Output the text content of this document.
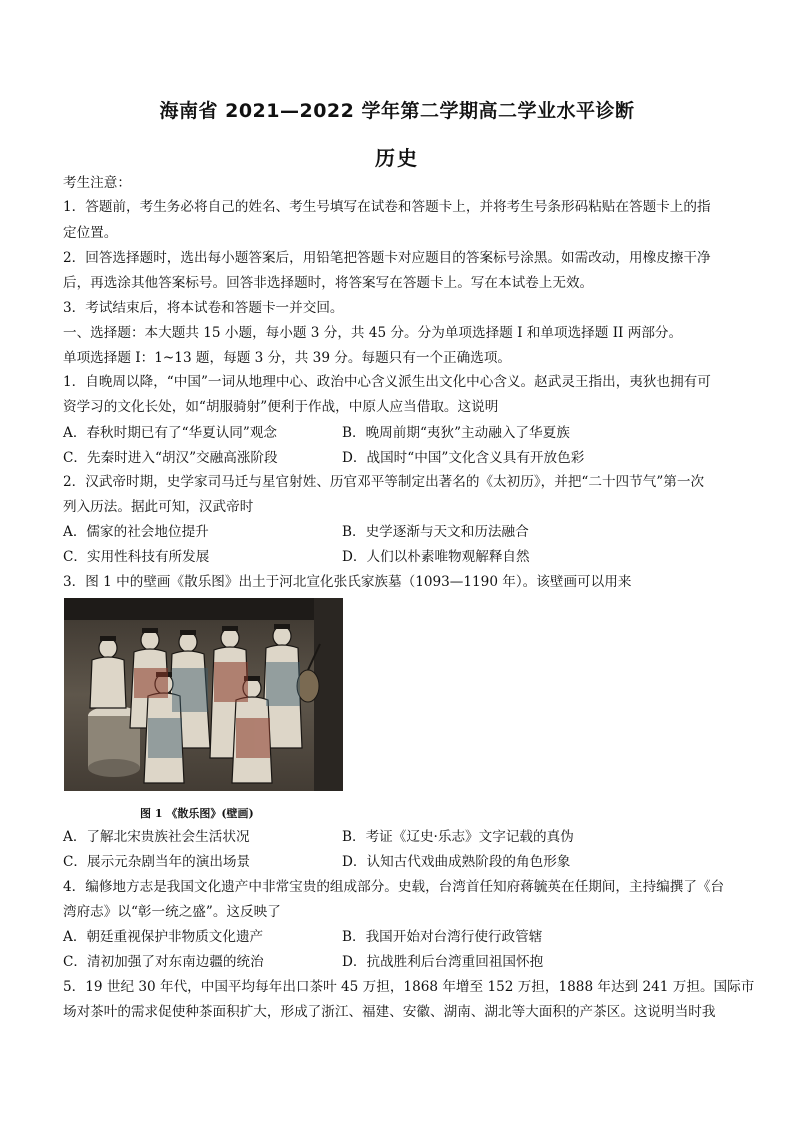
海南省 2021—2022 学年第二学期高二学业水平诊断
历史
考生注意：
1．答题前，考生务必将自己的姓名、考生号填写在试卷和答题卡上，并将考生号条形码粘贴在答题卡上的指
定位置。
2．回答选择题时，选出每小题答案后，用铅笔把答题卡对应题目的答案标号涂黑。如需改动，用橡皮擦干净
后，再选涂其他答案标号。回答非选择题时，将答案写在答题卡上。写在本试卷上无效。
3．考试结束后，将本试卷和答题卡一并交回。
一、选择题：本大题共 15 小题，每小题 3 分，共 45 分。分为单项选择题 I 和单项选择题 II 两部分。
单项选择题 I：1~13 题，每题 3 分，共 39 分。每题只有一个正确选项。
1．自晚周以降，“中国”一词从地理中心、政治中心含义派生出文化中心含义。赵武灵王指出，夷狄也拥有可
资学习的文化长处，如“胡服骑射”便利于作战，中原人应当借取。这说明
A．春秋时期已有了“华夏认同”观念	B．晚周前期“夷狄”主动融入了华夏族
C．先秦时进入“胡汉”交融高涨阶段	D．战国时“中国”文化含义具有开放色彩
2．汉武帝时期，史学家司马迁与星官射姓、历官邓平等制定出著名的《太初历》，并把“二十四节气”第一次
列入历法。据此可知，汉武帝时
A．儒家的社会地位提升	B．史学逐渐与天文和历法融合
C．实用性科技有所发展	D．人们以朴素唯物观解释自然
3．图 1 中的壁画《散乐图》出土于河北宣化张氏家族墓（1093—1190 年）。该壁画可以用来
图 1 《散乐图》(壁画)
A．了解北宋贵族社会生活状况	B．考证《辽史·乐志》文字记载的真伪
C．展示元杂剧当年的演出场景	D．认知古代戏曲成熟阶段的角色形象
4．编修地方志是我国文化遗产中非常宝贵的组成部分。史载，台湾首任知府蒋毓英在任期间，主持编撰了《台
湾府志》以“彰一统之盛”。这反映了
A．朝廷重视保护非物质文化遗产	B．我国开始对台湾行使行政管辖
C．清初加强了对东南边疆的统治	D．抗战胜利后台湾重回祖国怀抱
5．19 世纪 30 年代，中国平均每年出口茶叶 45 万担，1868 年增至 152 万担，1888 年达到 241 万担。国际市
场对茶叶的需求促使种茶面积扩大，形成了浙江、福建、安徽、湖南、湖北等大面积的产茶区。这说明当时我
